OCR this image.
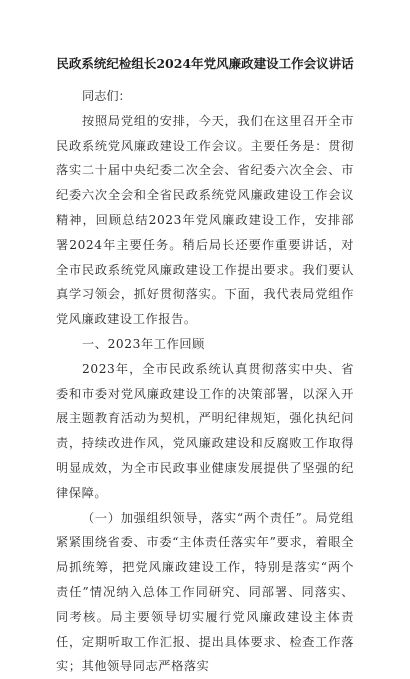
民政系统纪检组长2024年党风廉政建设工作会议讲话
同志们：

按照局党组的安排，今天，我们在这里召开全市民政系统党风廉政建设工作会议。主要任务是：贯彻落实二十届中央纪委二次全会、省纪委六次全会、市纪委六次全会和全省民政系统党风廉政建设工作会议精神，回顾总结2023年党风廉政建设工作，安排部署2024年主要任务。稍后局长还要作重要讲话，对全市民政系统党风廉政建设工作提出要求。我们要认真学习领会，抓好贯彻落实。下面，我代表局党组作党风廉政建设工作报告。

一、2023年工作回顾

2023年，全市民政系统认真贯彻落实中央、省委和市委对党风廉政建设工作的决策部署，以深入开展主题教育活动为契机，严明纪律规矩，强化执纪问责，持续改进作风，党风廉政建设和反腐败工作取得明显成效，为全市民政事业健康发展提供了坚强的纪律保障。

（一）加强组织领导，落实“两个责任”。局党组紧紧围绕省委、市委“主体责任落实年”要求，着眼全局抓统筹，把党风廉政建设工作，特别是落实“两个责任”情况纳入总体工作同研究、同部署、同落实、同考核。局主要领导切实履行党风廉政建设主体责任，定期听取工作汇报、提出具体要求、检查工作落实；其他领导同志严格落实
